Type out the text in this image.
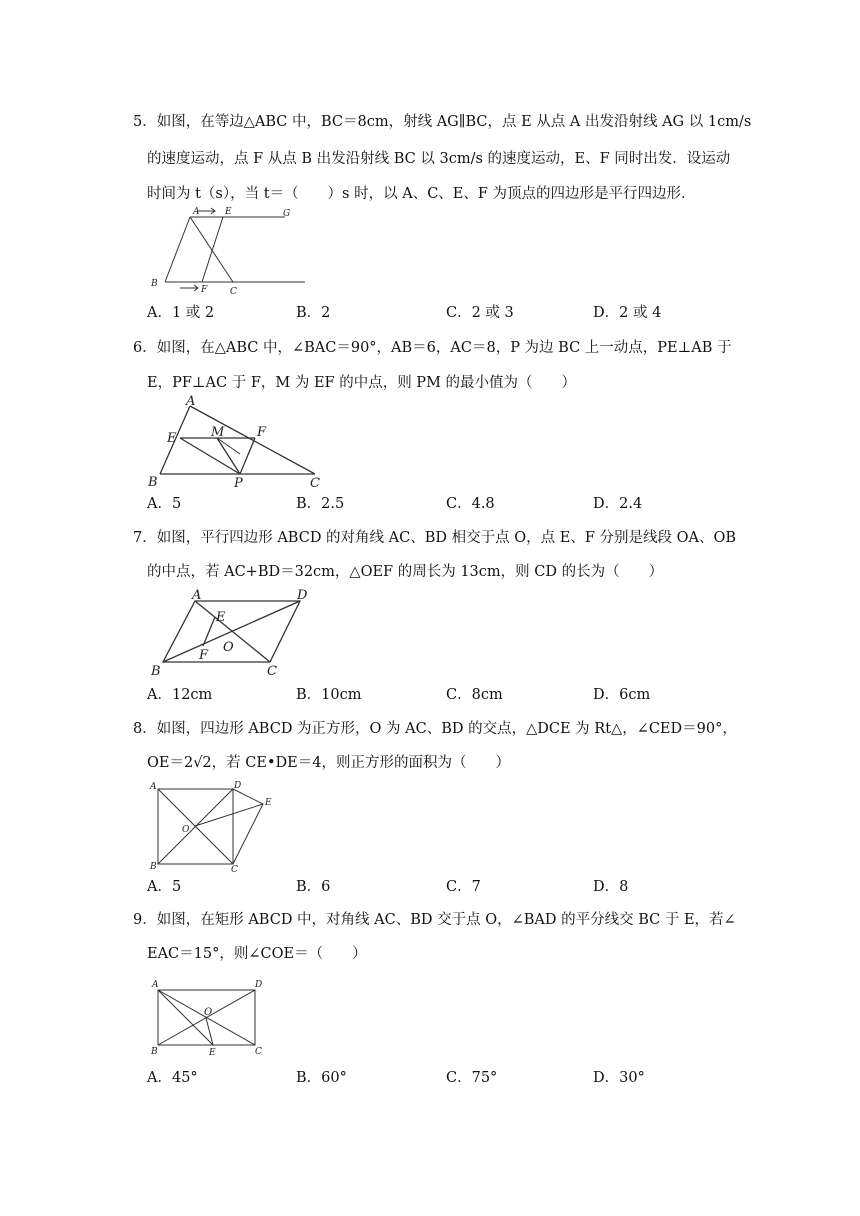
5．如图，在等边△ABC 中，BC＝8cm，射线 AG∥BC，点 E 从点 A 出发沿射线 AG 以 1cm/s
的速度运动，点 F 从点 B 出发沿射线 BC 以 3cm/s 的速度运动，E、F 同时出发．设运动
时间为 t（s），当 t＝（　　）s 时，以 A、C、E、F 为顶点的四边形是平行四边形．
A	E	G
B
F	C
A．1 或 2	B．2	C．2 或 3	D．2 或 4
6．如图，在△ABC 中，∠BAC＝90°，AB＝6，AC＝8，P 为边 BC 上一动点，PE⊥AB 于
E，PF⊥AC 于 F，M 为 EF 的中点，则 PM 的最小值为（　　）
A
E	M	F
B	P	C
A．5	B．2.5	C．4.8	D．2.4
7．如图，平行四边形 ABCD 的对角线 AC、BD 相交于点 O，点 E、F 分别是线段 OA、OB
的中点，若 AC+BD＝32cm，△OEF 的周长为 13cm，则 CD 的长为（　　）
A	D
E
O
F
B	C
A．12cm	B．10cm	C．8cm	D．6cm
8．如图，四边形 ABCD 为正方形，O 为 AC、BD 的交点，△DCE 为 Rt△，∠CED＝90°，
OE＝2√2，若 CE•DE＝4，则正方形的面积为（　　）
A	D
E
O
B	C
A．5	B．6	C．7	D．8
9．如图，在矩形 ABCD 中，对角线 AC、BD 交于点 O，∠BAD 的平分线交 BC 于 E，若∠
EAC＝15°，则∠COE＝（　　）
A	D
O
B	E	C
A．45°	B．60°	C．75°	D．30°
